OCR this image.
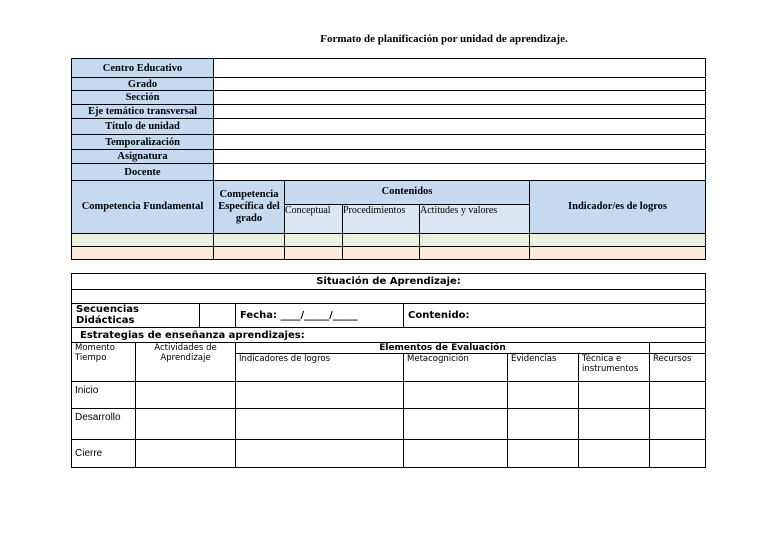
Formato de planificación por unidad de aprendizaje.
Centro Educativo					
Grado					
Sección					
Eje temático transversal					
Título de unidad					
Temporalización					
Asignatura					
Docente					
Competencia Fundamental	Competencia Específica del grado	Contenidos			Indicador/es de logros
		Conceptual	Procedimientos	Actitudes y valores	

Situación de Aprendizaje:							

Secuencias Didácticas			Fecha: ____/_____/_____	Contenido:			
Estrategias de enseñanza aprendizajes:							
Momento Tiempo	Actividades de Aprendizaje		Elementos de Evaluación				
			Indicadores de logros	Metacognición	Evidencias	Técnica e instrumentos	Recursos
Inicio							
Desarrollo							
Cierre							
